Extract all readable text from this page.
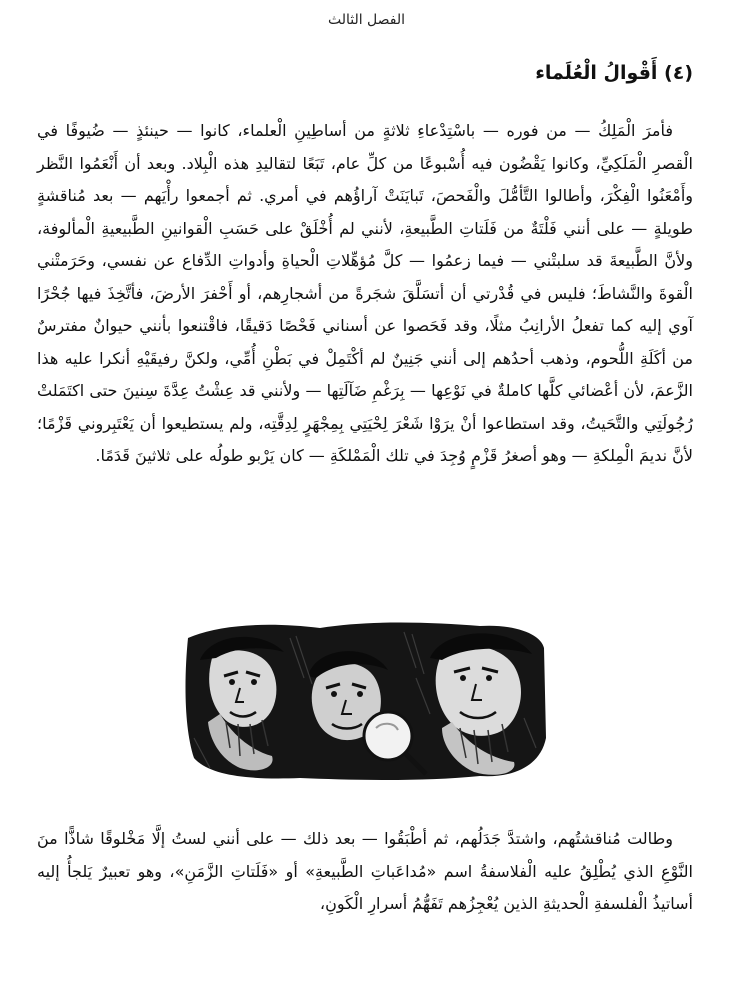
الفصل الثالث
(٤) أَقْوالُ الْعُلَماء

فأمرَ الْمَلِكُ — من فوره — باسْتِدْعاءِ ثلاثةٍ من أساطِينِ الْعلماء، كانوا — حينئذٍ — ضُيوفًا في الْقصرِ الْمَلَكِيِّ، وكانوا يَقْضُون فيه أُسْبوعًا من كلِّ عام، تَبَعًا لتقاليدِ هذه الْبِلاد. وبعد أن أَنْعَمُوا النَّظر وأَمْعَنُوا الْفِكْرَ، وأطالوا التَّأمُّلَ والْفَحصَ، تَبايَنَتْ آراؤُهم في أمري. ثم أجمعوا رأْيَهم — بعد مُناقشةٍ طويلةٍ — على أنني فَلْتَةٌ من فَلَتاتِ الطَّبيعةِ، لأنني لم أُخْلَقْ على حَسَبِ الْقوانينِ الطَّبيعيةِ الْمألوفة، ولأنَّ الطَّبيعةَ قد سلبتْني — فيما زعمُوا — كلَّ مُؤهِّلاتِ الْحياةِ وأدواتِ الدِّفاع عن نفسي، وحَرَمتْني الْقوةَ والنَّشاطَ؛ فليس في قُدْرتي أن أتسَلَّقَ شجَرةً من أشجارِهم، أو أَحْفرَ الأرضَ، فأتَّخِذَ فيها جُحْرًا آوي إليه كما تفعلُ الأرانِبُ مثلًا، وقد فَحَصوا عن أسناني فَحْصًا دَقيقًا، فاقْتنعوا بأنني حيوانٌ مفترسٌ من أكَلَةِ اللُّحوم، وذهب أحدُهم إلى أنني جَنِينٌ لم أكْتَمِلْ في بَطْنِ أُمِّي، ولكنَّ رفيقَيْهِ أنكرا عليه هذا الزَّعمَ، لأن أعْضائي كلَّها كاملةٌ في نَوْعِها — بِرَغْمِ ضَآلَتِها — ولأنني قد عِشْتُ عِدَّةَ سِنينَ حتى اكتَمَلتْ رُجُولَتِي والتَّحَيتُ، وقد استطاعوا أنْ يرَوْا شَعْرَ لِحْيَتِي بِمِجْهَرٍ لِدِقَّتِه، ولم يستطيعوا أن يَعْتَبِروني قَزْمًا؛ لأنَّ نديمَ الْمِلكةِ — وهو أصغرُ قَزْمٍ وُجِدَ في تلك الْمَمْلكَةِ — كان يَرْبو طولُه على ثلاثينَ قَدَمًا.

وطالت مُناقشتُهم، واشتدَّ جَدَلُهم، ثم أطْبَقُوا — بعد ذلك — على أنني لستُ إلَّا مَخْلوقًا شاذًّا منَ النَّوْعِ الذي يُطْلِقُ عليه الْفلاسفةُ اسم «مُداعَباتِ الطَّبيعةِ» أو «فَلَتاتِ الزَّمَنِ»، وهو تعبيرٌ يَلجأُ إليه أساتيذُ الْفلسفةِ الْحديثةِ الذين يُعْجِزُهم تَفَهُّمُ أسرارِ الْكَونِ،
